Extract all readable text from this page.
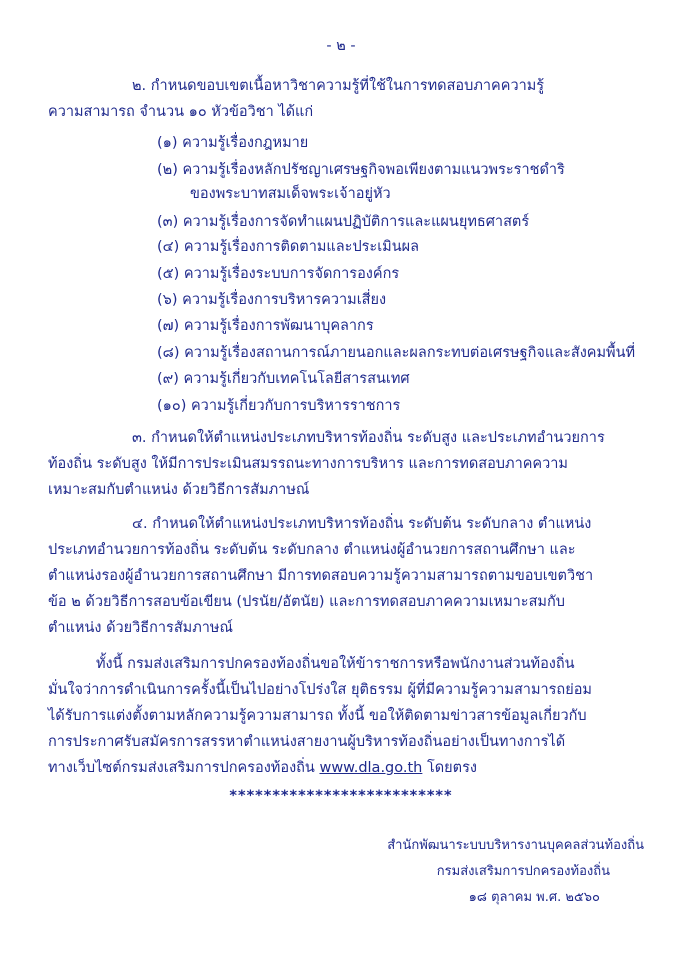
- ๒ -
๒. กำหนดขอบเขตเนื้อหาวิชาความรู้ที่ใช้ในการทดสอบภาคความรู้
ความสามารถ จำนวน ๑๐ หัวข้อวิชา ได้แก่
(๑) ความรู้เรื่องกฎหมาย
(๒) ความรู้เรื่องหลักปรัชญาเศรษฐกิจพอเพียงตามแนวพระราชดำริ
ของพระบาทสมเด็จพระเจ้าอยู่หัว
(๓) ความรู้เรื่องการจัดทำแผนปฏิบัติการและแผนยุทธศาสตร์
(๔) ความรู้เรื่องการติดตามและประเมินผล
(๕) ความรู้เรื่องระบบการจัดการองค์กร
(๖) ความรู้เรื่องการบริหารความเสี่ยง
(๗) ความรู้เรื่องการพัฒนาบุคลากร
(๘) ความรู้เรื่องสถานการณ์ภายนอกและผลกระทบต่อเศรษฐกิจและสังคมพื้นที่
(๙) ความรู้เกี่ยวกับเทคโนโลยีสารสนเทศ
(๑๐) ความรู้เกี่ยวกับการบริหารราชการ
๓. กำหนดให้ตำแหน่งประเภทบริหารท้องถิ่น ระดับสูง และประเภทอำนวยการ
ท้องถิ่น ระดับสูง ให้มีการประเมินสมรรถนะทางการบริหาร และการทดสอบภาคความ
เหมาะสมกับตำแหน่ง ด้วยวิธีการสัมภาษณ์
๔. กำหนดให้ตำแหน่งประเภทบริหารท้องถิ่น ระดับต้น ระดับกลาง ตำแหน่ง
ประเภทอำนวยการท้องถิ่น ระดับต้น ระดับกลาง ตำแหน่งผู้อำนวยการสถานศึกษา และ
ตำแหน่งรองผู้อำนวยการสถานศึกษา มีการทดสอบความรู้ความสามารถตามขอบเขตวิชา
ข้อ ๒ ด้วยวิธีการสอบข้อเขียน (ปรนัย/อัตนัย) และการทดสอบภาคความเหมาะสมกับ
ตำแหน่ง ด้วยวิธีการสัมภาษณ์
ทั้งนี้ กรมส่งเสริมการปกครองท้องถิ่นขอให้ข้าราชการหรือพนักงานส่วนท้องถิ่น
มั่นใจว่าการดำเนินการครั้งนี้เป็นไปอย่างโปร่งใส ยุติธรรม ผู้ที่มีความรู้ความสามารถย่อม
ได้รับการแต่งตั้งตามหลักความรู้ความสามารถ ทั้งนี้ ขอให้ติดตามข่าวสารข้อมูลเกี่ยวกับ
การประกาศรับสมัครการสรรหาตำแหน่งสายงานผู้บริหารท้องถิ่นอย่างเป็นทางการได้
ทางเว็บไซต์กรมส่งเสริมการปกครองท้องถิ่น www.dla.go.th โดยตรง
**************************
สำนักพัฒนาระบบบริหารงานบุคคลส่วนท้องถิ่น
กรมส่งเสริมการปกครองท้องถิ่น
๑๘ ตุลาคม พ.ศ. ๒๕๖๐
